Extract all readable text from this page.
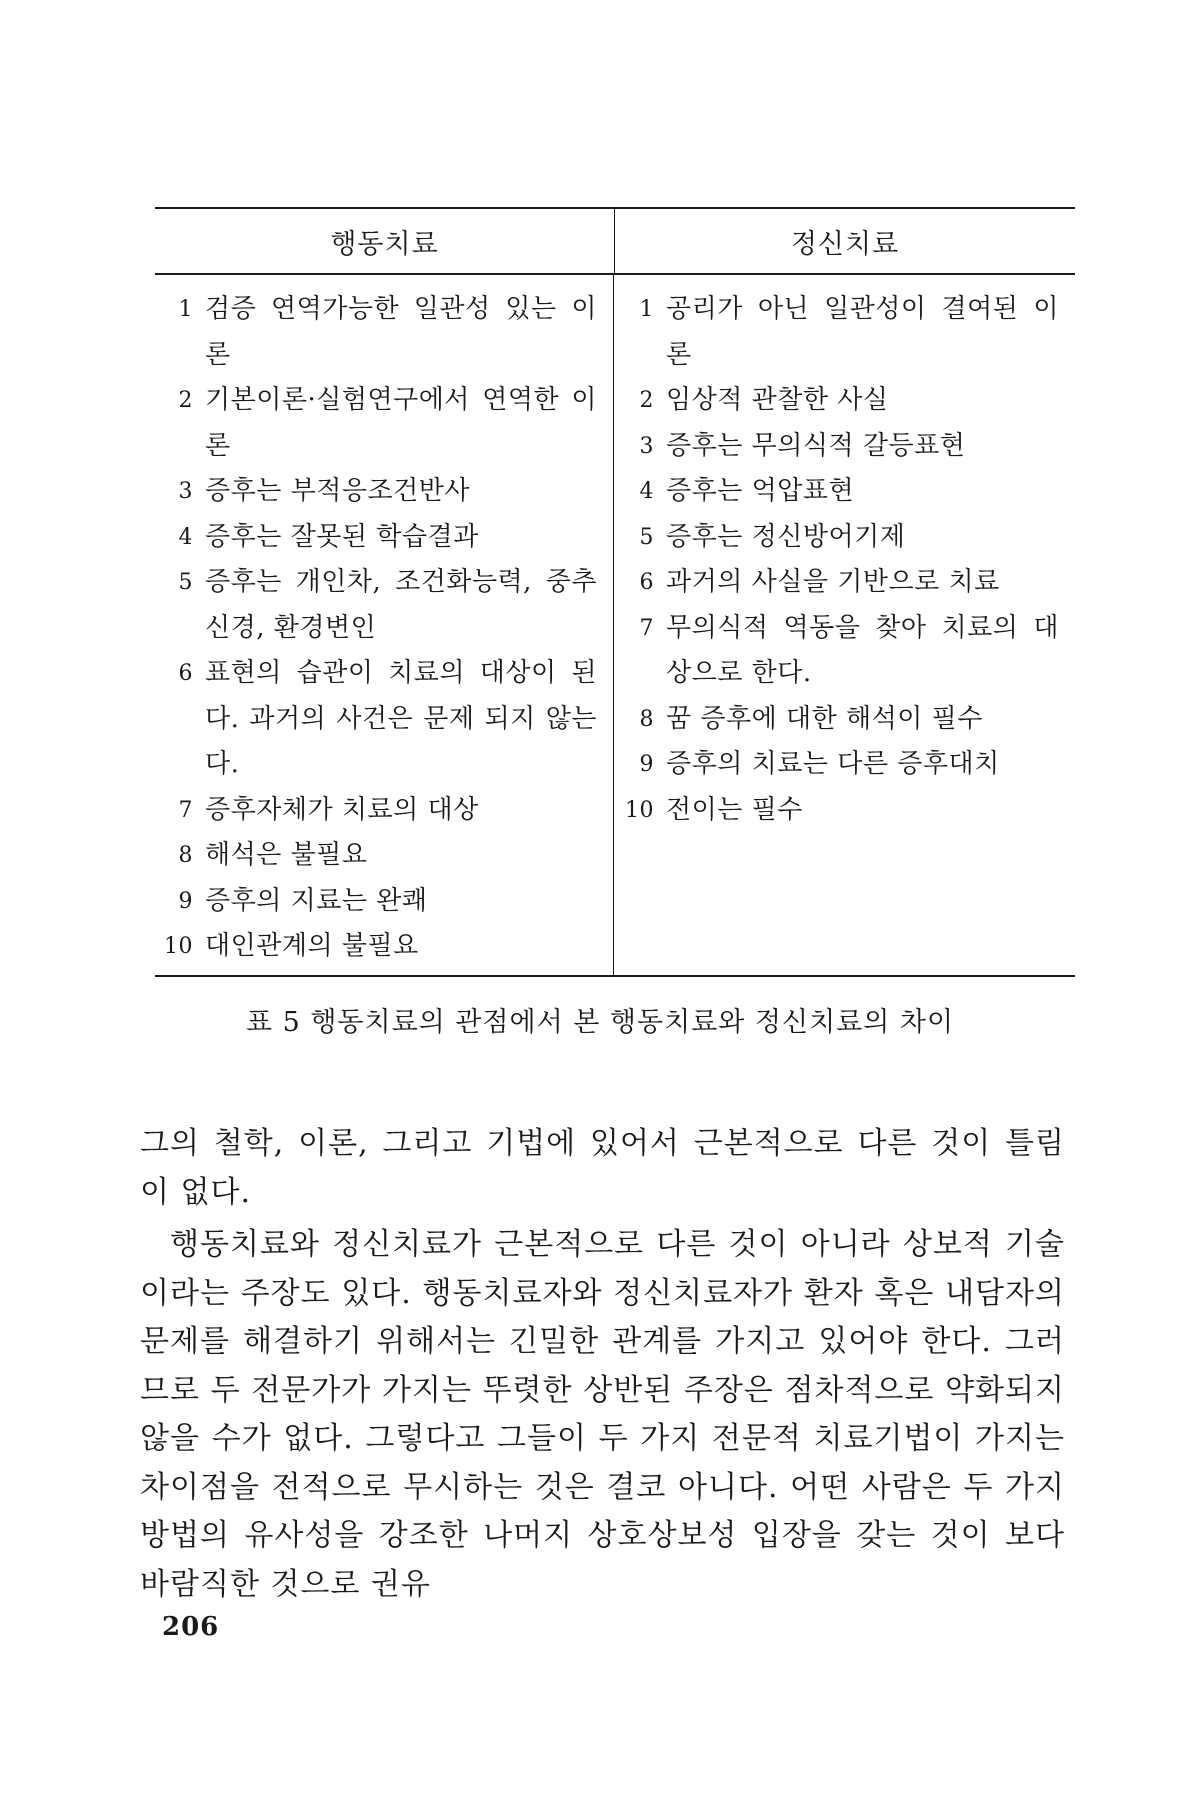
행동치료	정신치료
1 검증 연역가능한 일관성 있는 이론
2 기본이론·실험연구에서 연역한 이론
3 증후는 부적응조건반사
4 증후는 잘못된 학습결과
5 증후는 개인차, 조건화능력, 중추신경, 환경변인
6 표현의 습관이 치료의 대상이 된다. 과거의 사건은 문제 되지 않는다.
7 증후자체가 치료의 대상
8 해석은 불필요
9 증후의 지료는 완쾌
10 대인관계의 불필요
1 공리가 아닌 일관성이 결여된 이론
2 임상적 관찰한 사실
3 증후는 무의식적 갈등표현
4 증후는 억압표현
5 증후는 정신방어기제
6 과거의 사실을 기반으로 치료
7 무의식적 역동을 찾아 치료의 대상으로 한다.
8 꿈 증후에 대한 해석이 필수
9 증후의 치료는 다른 증후대치
10 전이는 필수
표 5 행동치료의 관점에서 본 행동치료와 정신치료의 차이

그의 철학, 이론, 그리고 기법에 있어서 근본적으로 다른 것이 틀림이 없다.

행동치료와 정신치료가 근본적으로 다른 것이 아니라 상보적 기술이라는 주장도 있다. 행동치료자와 정신치료자가 환자 혹은 내담자의 문제를 해결하기 위해서는 긴밀한 관계를 가지고 있어야 한다. 그러므로 두 전문가가 가지는 뚜렷한 상반된 주장은 점차적으로 약화되지 않을 수가 없다. 그렇다고 그들이 두 가지 전문적 치료기법이 가지는 차이점을 전적으로 무시하는 것은 결코 아니다. 어떤 사람은 두 가지 방법의 유사성을 강조한 나머지 상호상보성 입장을 갖는 것이 보다 바람직한 것으로 권유

206
